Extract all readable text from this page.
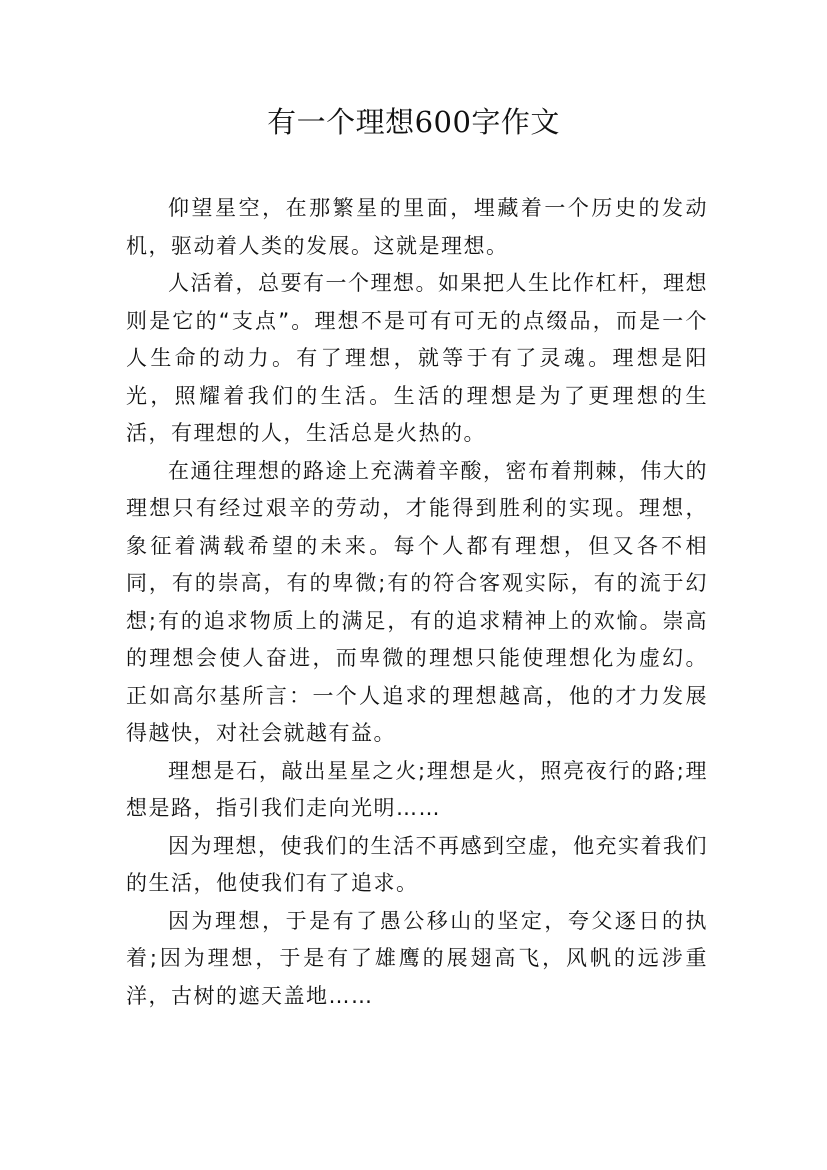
有一个理想600字作文

仰望星空，在那繁星的里面，埋藏着一个历史的发动机，驱动着人类的发展。这就是理想。

人活着，总要有一个理想。如果把人生比作杠杆，理想则是它的“支点”。理想不是可有可无的点缀品，而是一个人生命的动力。有了理想，就等于有了灵魂。理想是阳光，照耀着我们的生活。生活的理想是为了更理想的生活，有理想的人，生活总是火热的。

在通往理想的路途上充满着辛酸，密布着荆棘，伟大的理想只有经过艰辛的劳动，才能得到胜利的实现。理想，象征着满载希望的未来。每个人都有理想，但又各不相同，有的崇高，有的卑微;有的符合客观实际，有的流于幻想;有的追求物质上的满足，有的追求精神上的欢愉。崇高的理想会使人奋进，而卑微的理想只能使理想化为虚幻。正如高尔基所言：一个人追求的理想越高，他的才力发展得越快，对社会就越有益。

理想是石，敲出星星之火;理想是火，照亮夜行的路;理想是路，指引我们走向光明……

因为理想，使我们的生活不再感到空虚，他充实着我们的生活，他使我们有了追求。

因为理想，于是有了愚公移山的坚定，夸父逐日的执着;因为理想，于是有了雄鹰的展翅高飞，风帆的远涉重洋，古树的遮天盖地……
